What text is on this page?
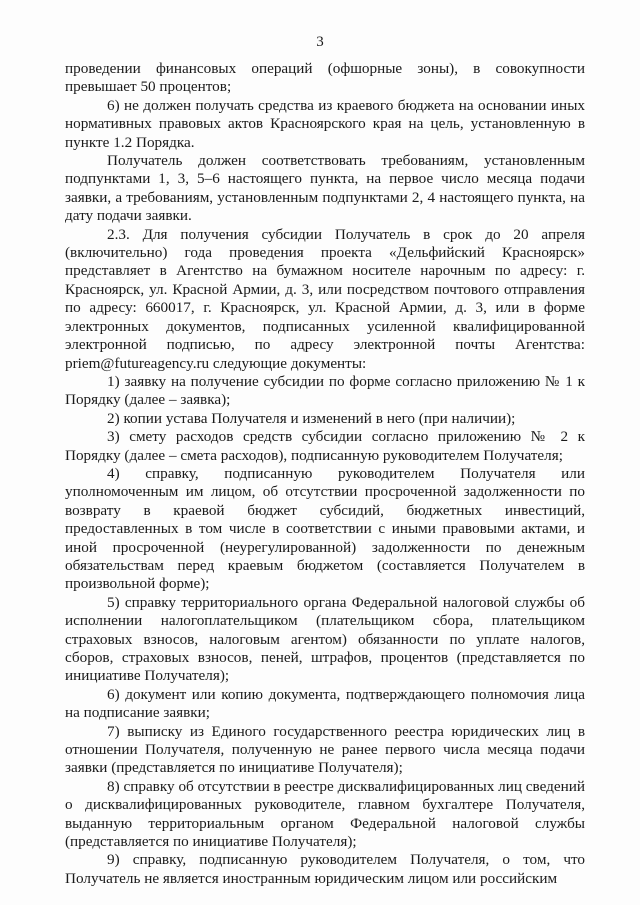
3

проведении финансовых операций (офшорные зоны), в совокупности превышает 50 процентов;

6) не должен получать средства из краевого бюджета на основании иных нормативных правовых актов Красноярского края на цель, установленную в пункте 1.2 Порядка.

Получатель должен соответствовать требованиям, установленным подпунктами 1, 3, 5–6 настоящего пункта, на первое число месяца подачи заявки, а требованиям, установленным подпунктами 2, 4 настоящего пункта, на дату подачи заявки.

2.3. Для получения субсидии Получатель в срок до 20 апреля (включительно) года проведения проекта «Дельфийский Красноярск» представляет в Агентство на бумажном носителе нарочным по адресу: г. Красноярск, ул. Красной Армии, д. 3, или посредством почтового отправления по адресу: 660017, г. Красноярск, ул. Красной Армии, д. 3, или в форме электронных документов, подписанных усиленной квалифицированной электронной подписью, по адресу электронной почты Агентства: priem@futureagency.ru следующие документы:

1) заявку на получение субсидии по форме согласно приложению № 1 к Порядку (далее – заявка);

2) копии устава Получателя и изменений в него (при наличии);

3) смету расходов средств субсидии согласно приложению № 2 к Порядку (далее – смета расходов), подписанную руководителем Получателя;

4) справку, подписанную руководителем Получателя или уполномоченным им лицом, об отсутствии просроченной задолженности по возврату в краевой бюджет субсидий, бюджетных инвестиций, предоставленных в том числе в соответствии с иными правовыми актами, и иной просроченной (неурегулированной) задолженности по денежным обязательствам перед краевым бюджетом (составляется Получателем в произвольной форме);

5) справку территориального органа Федеральной налоговой службы об исполнении налогоплательщиком (плательщиком сбора, плательщиком страховых взносов, налоговым агентом) обязанности по уплате налогов, сборов, страховых взносов, пеней, штрафов, процентов (представляется по инициативе Получателя);

6) документ или копию документа, подтверждающего полномочия лица на подписание заявки;

7) выписку из Единого государственного реестра юридических лиц в отношении Получателя, полученную не ранее первого числа месяца подачи заявки (представляется по инициативе Получателя);

8) справку об отсутствии в реестре дисквалифицированных лиц сведений о дисквалифицированных руководителе, главном бухгалтере Получателя, выданную территориальным органом Федеральной налоговой службы (представляется по инициативе Получателя);

9) справку, подписанную руководителем Получателя, о том, что Получатель не является иностранным юридическим лицом или российским
